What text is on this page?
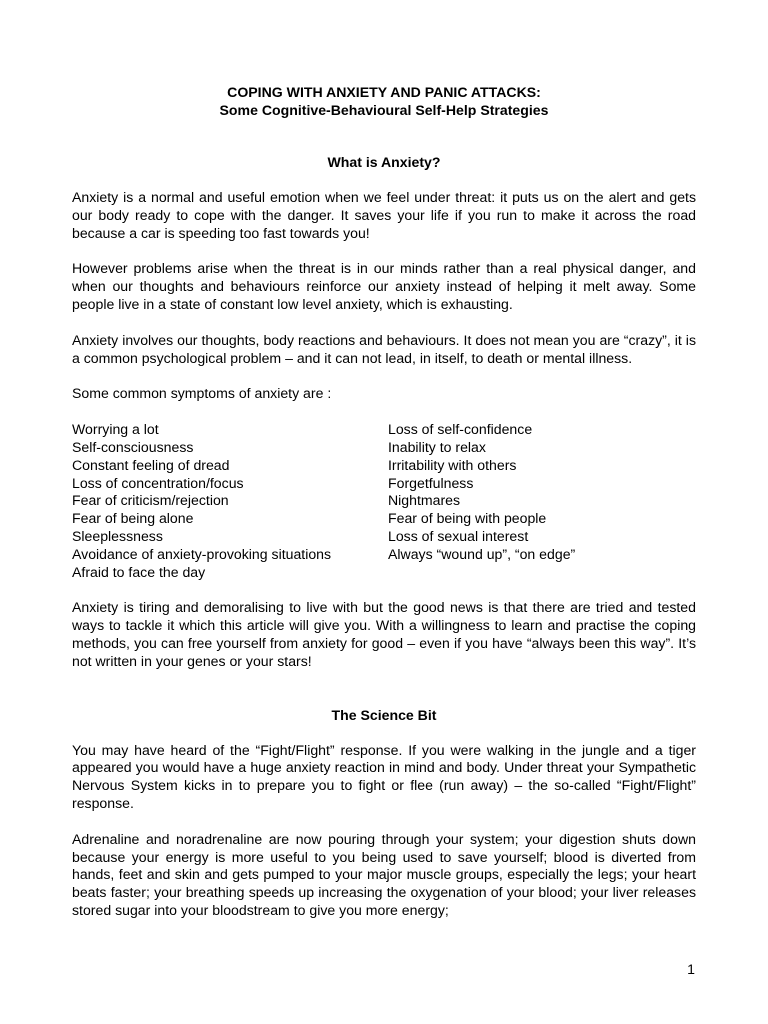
COPING WITH ANXIETY AND PANIC ATTACKS:
Some Cognitive-Behavioural Self-Help Strategies
What is Anxiety?

Anxiety is a normal and useful emotion when we feel under threat: it puts us on the alert and gets our body ready to cope with the danger. It saves your life if you run to make it across the road because a car is speeding too fast towards you!

However problems arise when the threat is in our minds rather than a real physical danger, and when our thoughts and behaviours reinforce our anxiety instead of helping it melt away. Some people live in a state of constant low level anxiety, which is exhausting.

Anxiety involves our thoughts, body reactions and behaviours. It does not mean you are “crazy”, it is a common psychological problem – and it can not lead, in itself, to death or mental illness.

Some common symptoms of anxiety are :

Worrying a lot
Self-consciousness
Constant feeling of dread
Loss of concentration/focus
Fear of criticism/rejection
Fear of being alone
Sleeplessness
Avoidance of anxiety-provoking situations
Afraid to face the day
Loss of self-confidence
Inability to relax
Irritability with others
Forgetfulness
Nightmares
Fear of being with people
Loss of sexual interest
Always “wound up”, “on edge”

Anxiety is tiring and demoralising to live with but the good news is that there are tried and tested ways to tackle it which this article will give you. With a willingness to learn and practise the coping methods, you can free yourself from anxiety for good – even if you have “always been this way”. It’s not written in your genes or your stars!

The Science Bit

You may have heard of the “Fight/Flight” response. If you were walking in the jungle and a tiger appeared you would have a huge anxiety reaction in mind and body. Under threat your Sympathetic Nervous System kicks in to prepare you to fight or flee (run away) – the so-called “Fight/Flight” response.

Adrenaline and noradrenaline are now pouring through your system; your digestion shuts down because your energy is more useful to you being used to save yourself; blood is diverted from hands, feet and skin and gets pumped to your major muscle groups, especially the legs; your heart beats faster; your breathing speeds up increasing the oxygenation of your blood; your liver releases stored sugar into your bloodstream to give you more energy;

1
